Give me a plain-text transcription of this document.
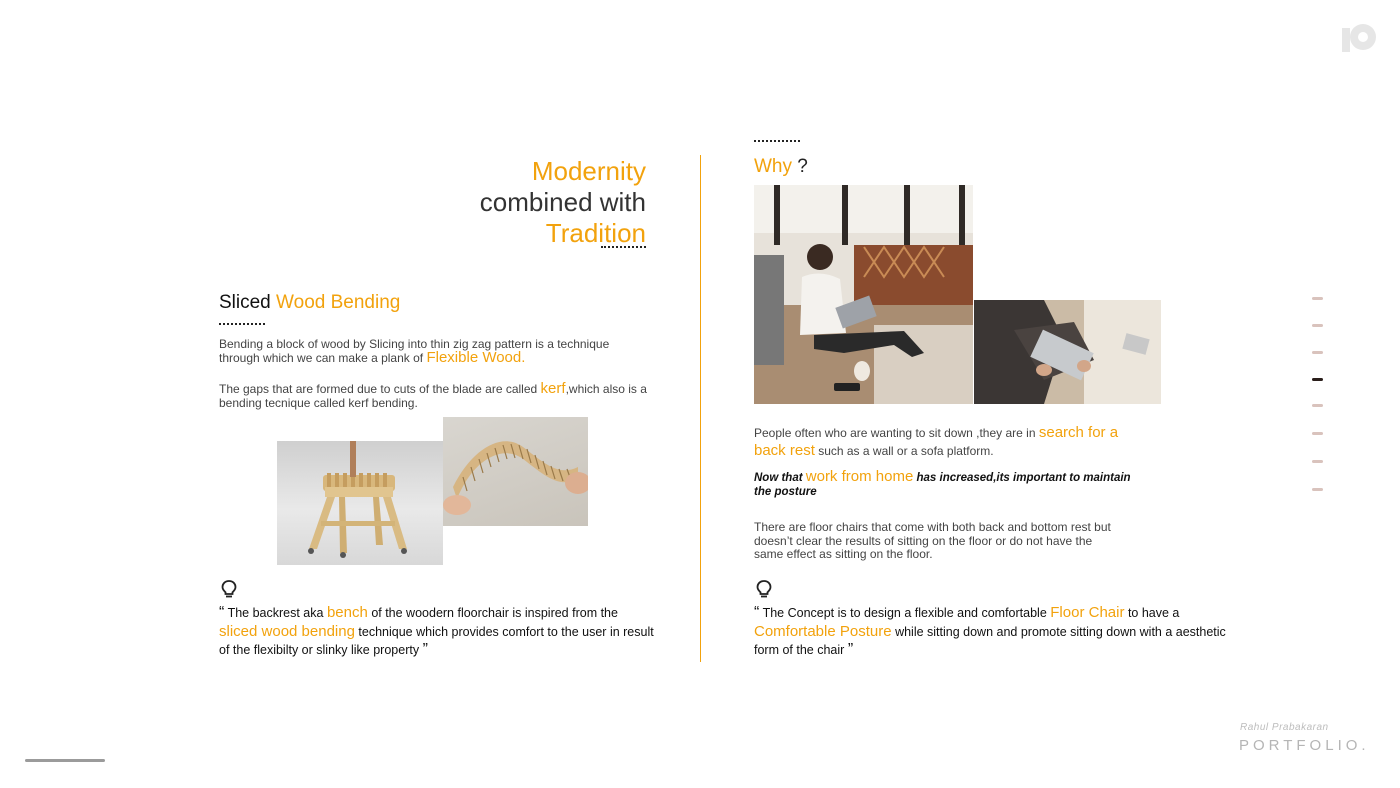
Modernity
combined with
Tradition
Sliced Wood Bending
Bending a block of wood by Slicing into thin zig zag pattern is a technique through which we can make a plank of Flexible Wood.
The gaps that are formed due to cuts of the blade are called kerf,which also is a bending tecnique called kerf bending.
“ The backrest aka bench of the woodern floorchair is inspired from the sliced wood bending technique which provides comfort to the user in result of the flexibilty or slinky like property ”
Why ?
People often who are wanting to sit down ,they are in search for a back rest such as a wall or a sofa platform.
Now that work from home has increased,its important to maintain the posture
There are floor chairs that come with both back and bottom rest but doesn’t clear the results of sitting on the floor or do not have the same effect as sitting on the floor.
“ The Concept is to design a flexible and comfortable Floor Chair to have a Comfortable Posture while sitting down and promote sitting down with a aesthetic form of the chair ”
Rahul Prabakaran
PORTFOLIO.
